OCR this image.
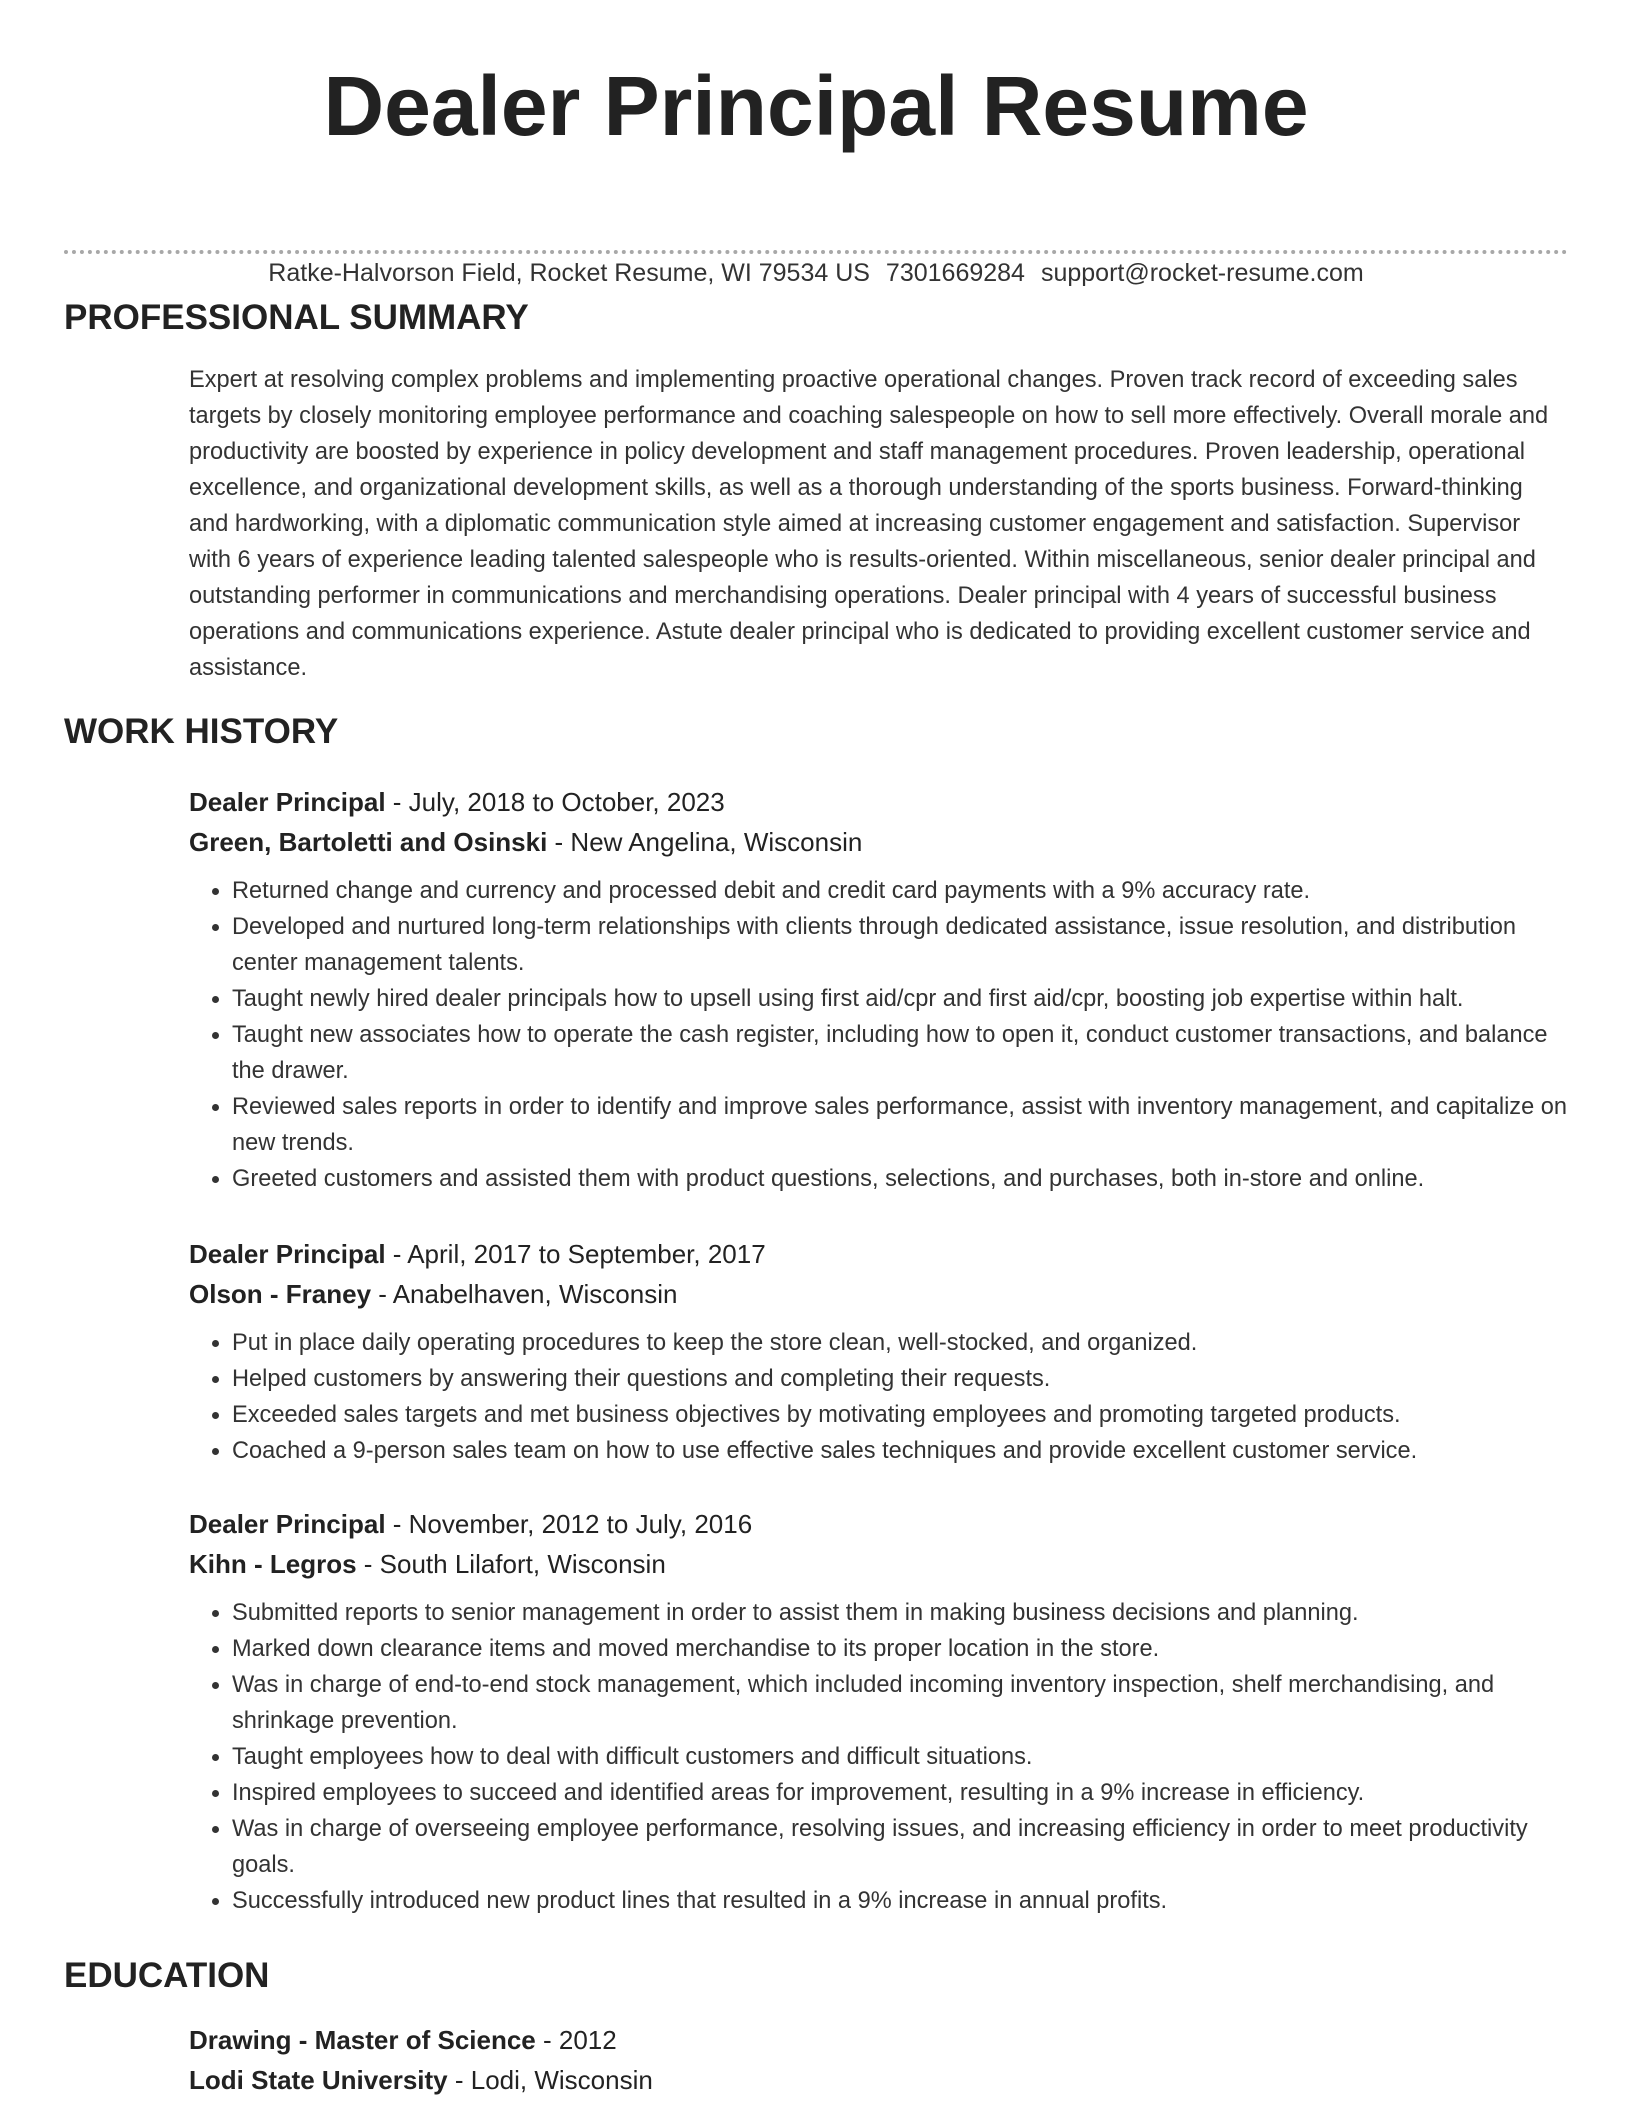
Dealer Principal Resume
Ratke-Halvorson Field, Rocket Resume, WI 79534 US 7301669284 support@rocket-resume.com
PROFESSIONAL SUMMARY

Expert at resolving complex problems and implementing proactive operational changes. Proven track record of exceeding sales targets by closely monitoring employee performance and coaching salespeople on how to sell more effectively. Overall morale and productivity are boosted by experience in policy development and staff management procedures. Proven leadership, operational excellence, and organizational development skills, as well as a thorough understanding of the sports business. Forward-thinking and hardworking, with a diplomatic communication style aimed at increasing customer engagement and satisfaction. Supervisor with 6 years of experience leading talented salespeople who is results-oriented. Within miscellaneous, senior dealer principal and outstanding performer in communications and merchandising operations. Dealer principal with 4 years of successful business operations and communications experience. Astute dealer principal who is dedicated to providing excellent customer service and assistance.

WORK HISTORY

Dealer Principal - July, 2018 to October, 2023

Green, Bartoletti and Osinski - New Angelina, Wisconsin

• Returned change and currency and processed debit and credit card payments with a 9% accuracy rate.
• Developed and nurtured long-term relationships with clients through dedicated assistance, issue resolution, and distribution center management talents.
• Taught newly hired dealer principals how to upsell using first aid/cpr and first aid/cpr, boosting job expertise within halt.
• Taught new associates how to operate the cash register, including how to open it, conduct customer transactions, and balance the drawer.
• Reviewed sales reports in order to identify and improve sales performance, assist with inventory management, and capitalize on new trends.
• Greeted customers and assisted them with product questions, selections, and purchases, both in-store and online.

Dealer Principal - April, 2017 to September, 2017

Olson - Franey - Anabelhaven, Wisconsin

• Put in place daily operating procedures to keep the store clean, well-stocked, and organized.
• Helped customers by answering their questions and completing their requests.
• Exceeded sales targets and met business objectives by motivating employees and promoting targeted products.
• Coached a 9-person sales team on how to use effective sales techniques and provide excellent customer service.

Dealer Principal - November, 2012 to July, 2016

Kihn - Legros - South Lilafort, Wisconsin

• Submitted reports to senior management in order to assist them in making business decisions and planning.
• Marked down clearance items and moved merchandise to its proper location in the store.
• Was in charge of end-to-end stock management, which included incoming inventory inspection, shelf merchandising, and shrinkage prevention.
• Taught employees how to deal with difficult customers and difficult situations.
• Inspired employees to succeed and identified areas for improvement, resulting in a 9% increase in efficiency.
• Was in charge of overseeing employee performance, resolving issues, and increasing efficiency in order to meet productivity goals.
• Successfully introduced new product lines that resulted in a 9% increase in annual profits.
EDUCATION

Drawing - Master of Science - 2012

Lodi State University - Lodi, Wisconsin
